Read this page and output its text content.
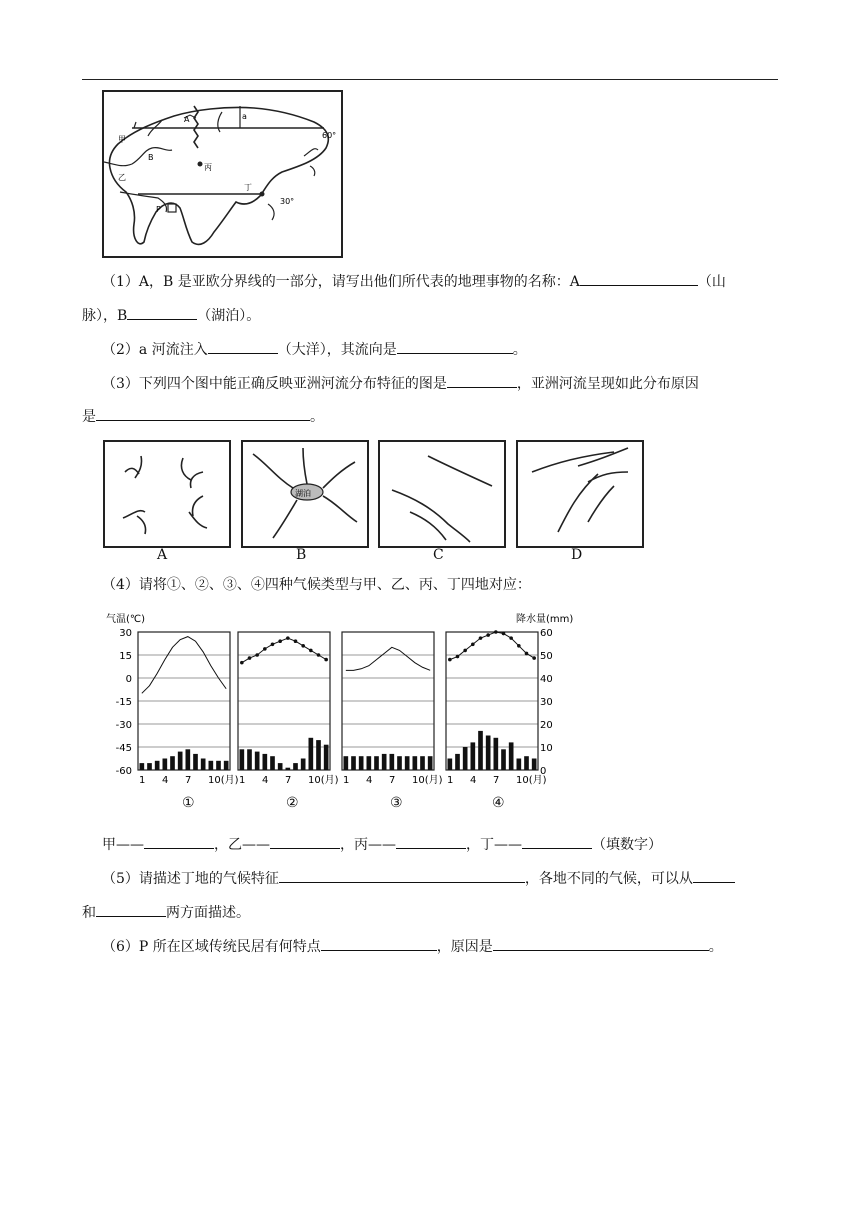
A	a
甲
B
乙
丙
丁
P
60°
30°
（1）A，B 是亚欧分界线的一部分，请写出他们所代表的地理事物的名称：A	（山
脉），B	（湖泊）。
（2）a 河流注入	（大洋），其流向是	。
（3）下列四个图中能正确反映亚洲河流分布特征的图是	，亚洲河流呈现如此分布原因
是	。
湖泊
A	B	C	D
（4）请将①、②、③、④四种气候类型与甲、乙、丙、丁四地对应：
气温(℃)	降水量(mm)
30
15
0
-15
-30
-45
-60
60
50
40
30
20
10
0
1 4 7 10(月) 1 4 7 10(月) 1 4 7 10(月) 1 4 7 10(月)
①	②	③	④
甲——	，乙——	，丙——	，丁——	（填数字）
（5）请描述丁地的气候特征	，各地不同的气候，可以从
和	两方面描述。
（6）P 所在区域传统民居有何特点	，原因是	。
